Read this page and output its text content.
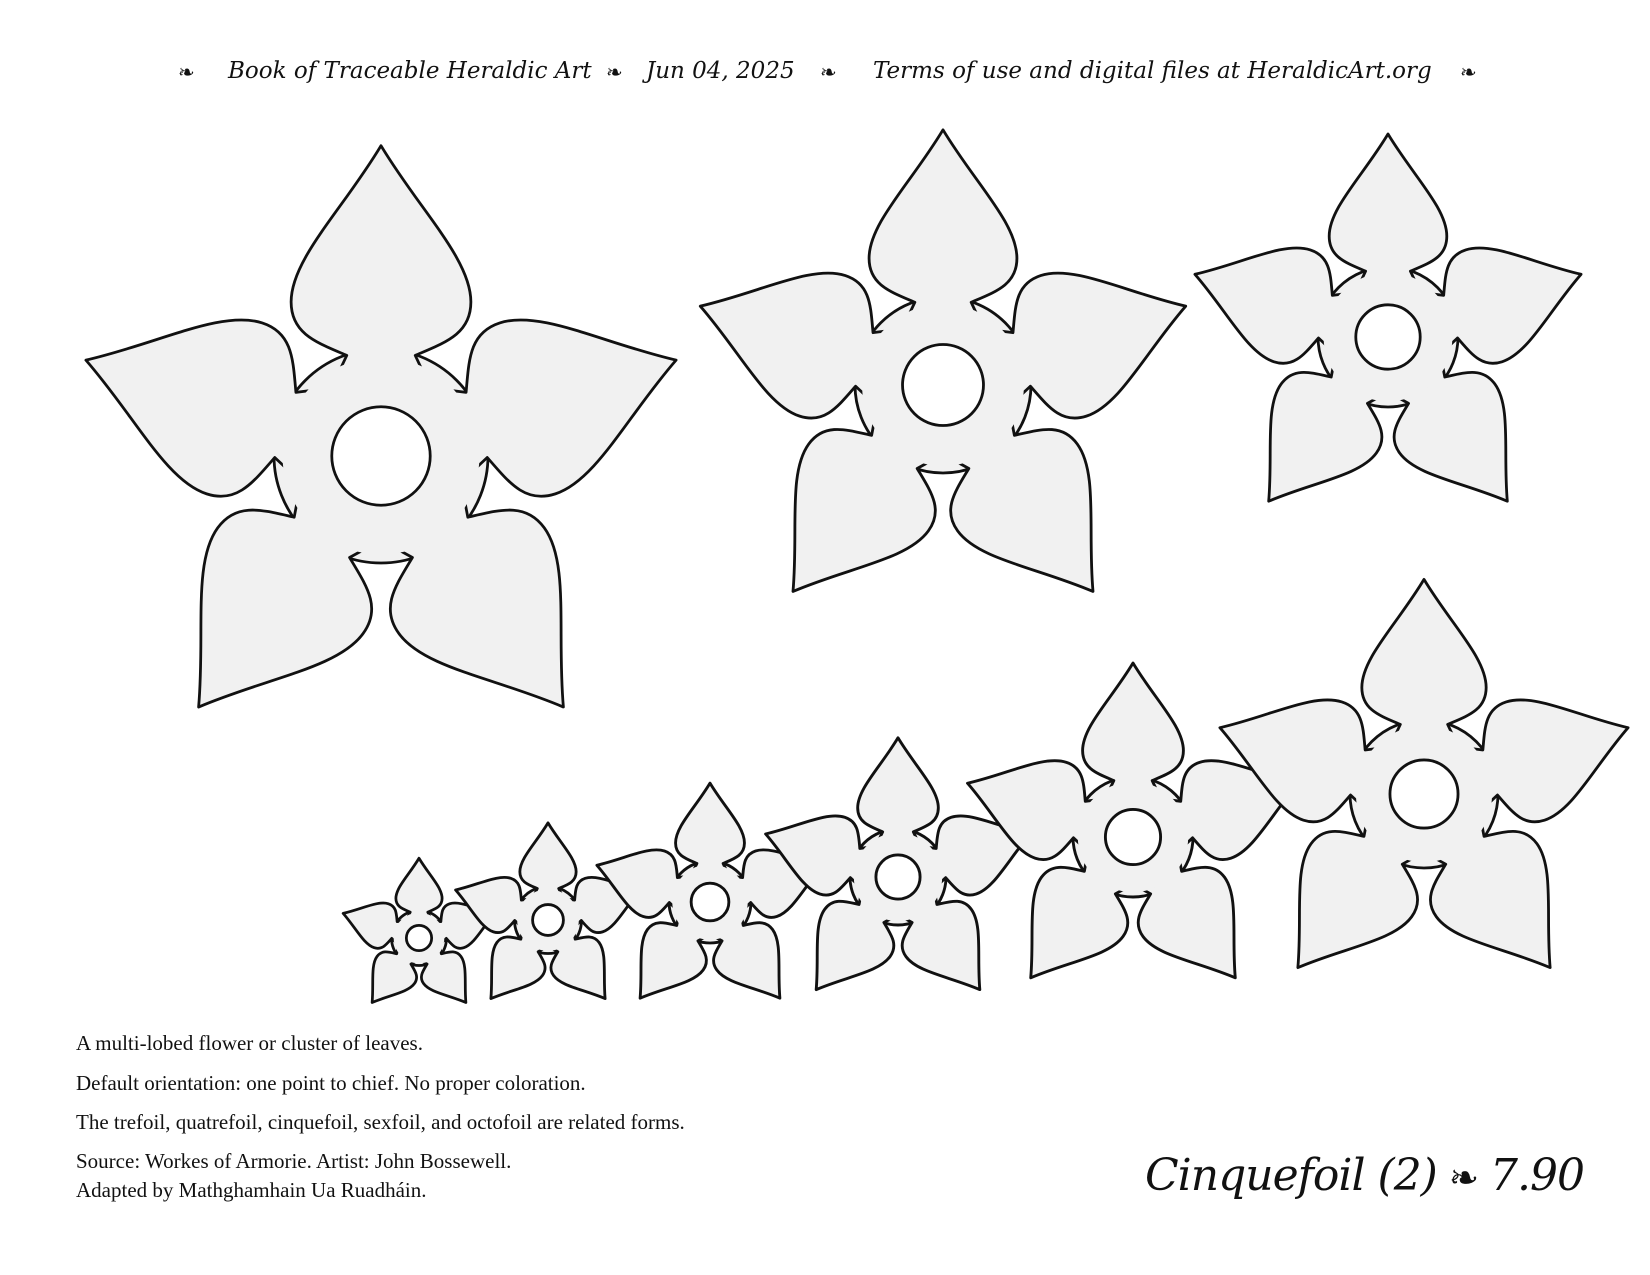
❧ Book of Traceable Heraldic Art ❧ Jun 04, 2025 ❧ Terms of use and digital files at HeraldicArt.org ❧
A multi-lobed flower or cluster of leaves.
Default orientation: one point to chief. No proper coloration.
The trefoil, quatrefoil, cinquefoil, sexfoil, and octofoil are related forms.
Source: Workes of Armorie. Artist: John Bossewell.
Adapted by Mathghamhain Ua Ruadháin.	Cinquefoil (2) ❧ 7.90
